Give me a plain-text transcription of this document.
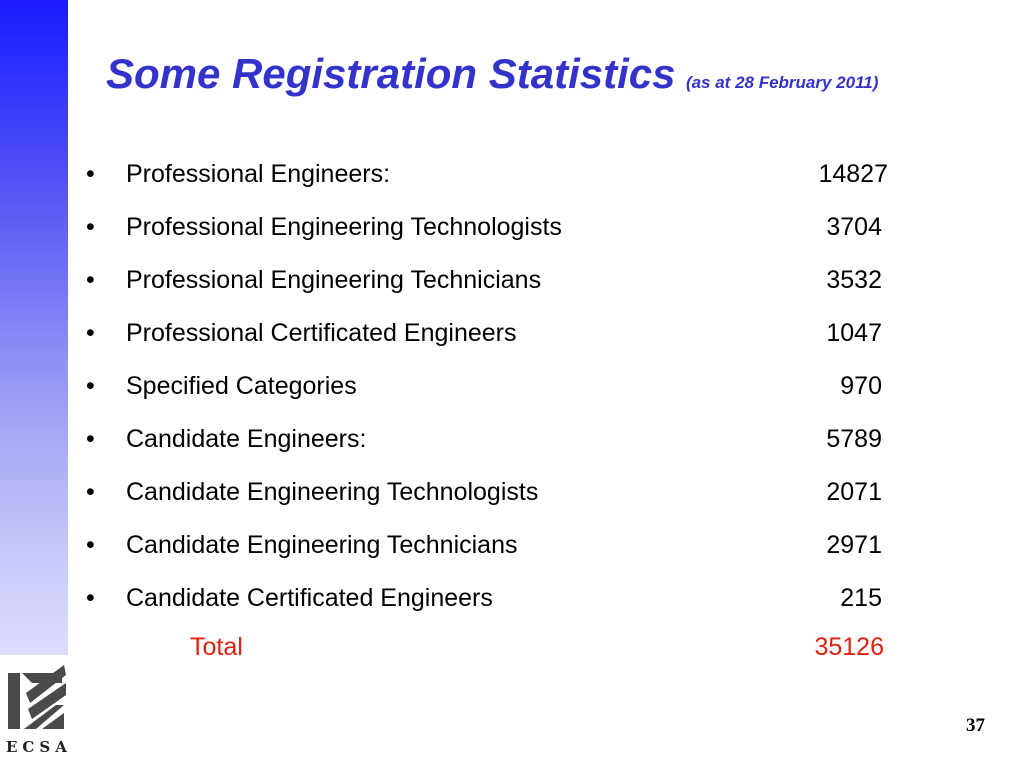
Some Registration Statistics (as at 28 February 2011)
• Professional Engineers:	14827
• Professional Engineering Technologists	3704
• Professional Engineering Technicians	3532
• Professional Certificated Engineers	1047
• Specified Categories	970
• Candidate Engineers:	5789
• Candidate Engineering Technologists	2071
• Candidate Engineering Technicians	2971
• Candidate Certificated Engineers	215
Total	35126
ECSA
37
